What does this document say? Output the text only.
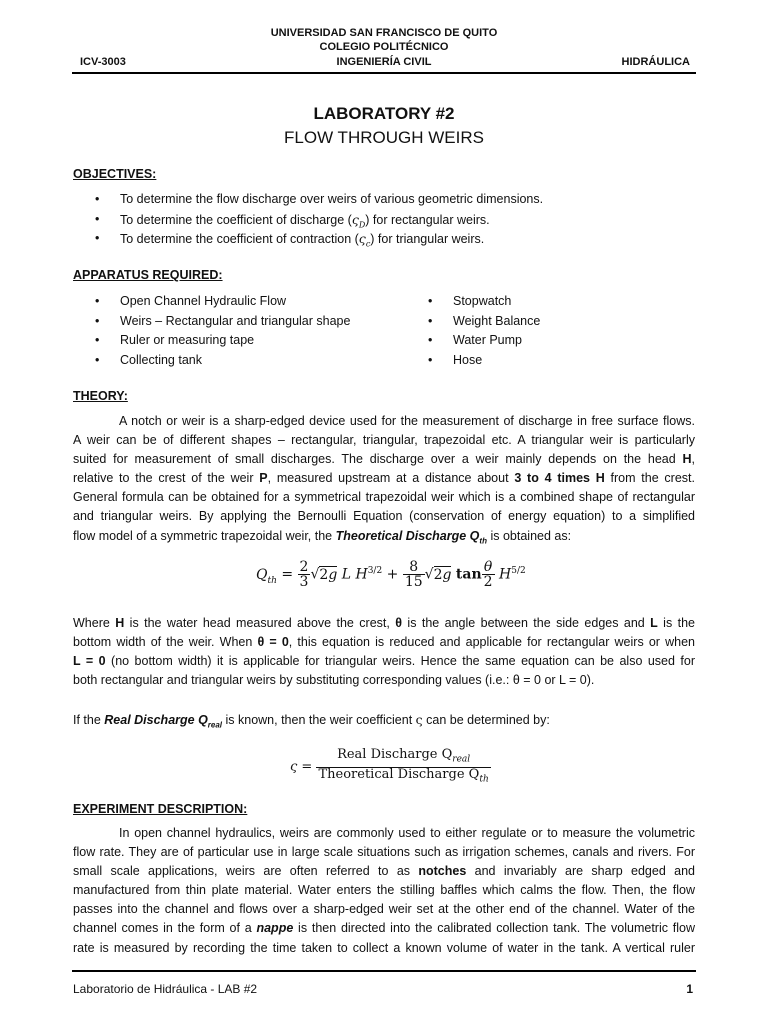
UNIVERSIDAD SAN FRANCISCO DE QUITO
COLEGIO POLITÉCNICO
INGENIERÍA CIVIL
ICV-3003	HIDRÁULICA
LABORATORY #2
FLOW THROUGH WEIRS
OBJECTIVES:
• To determine the flow discharge over weirs of various geometric dimensions.
• To determine the coefficient of discharge $(\varsigma_D)$ for rectangular weirs.
• To determine the coefficient of contraction $(\varsigma_c)$ for triangular weirs.
APPARATUS REQUIRED:
• Open Channel Hydraulic Flow
• Weirs – Rectangular and triangular shape
• Ruler or measuring tape
• Collecting tank
• Stopwatch
• Weight Balance
• Water Pump
• Hose
THEORY:
A notch or weir is a sharp-edged device used for the measurement of discharge in free surface flows.
A weir can be of different shapes – rectangular, triangular, trapezoidal etc. A triangular weir is particularly
suited for measurement of small discharges. The discharge over a weir mainly depends on the head H,
relative to the crest of the weir P, measured upstream at a distance about 3 to 4 times H from the crest.
General formula can be obtained for a symmetrical trapezoidal weir which is a combined shape of rectangular
and triangular weirs. By applying the Bernoulli Equation (conservation of energy equation) to a simplified
flow model of a symmetric trapezoidal weir, the Theoretical Discharge $Q_{th}$ is obtained as:
$Q_{th} = \frac{2}{3} √2g$ L $H^{3/2} + \frac{8}{15} √2g$ $\tan \frac{\theta}{2} H^{5/2}$
Where H is the water head measured above the crest, θ is the angle between the side edges and L is the
bottom width of the weir. When θ = 0, this equation is reduced and applicable for rectangular weirs or when
L = 0 (no bottom width) it is applicable for triangular weirs. Hence the same equation can be also used for
both rectangular and triangular weirs by substituting corresponding values (i.e.: θ = 0 or L = 0).
If the Real Discharge $Q_{real}$ is known, then the weir coefficient ς can be determined by:
$\varsigma = \frac{Real Discharge Q_{real}}{Theoretical Discharge Q_{th}}$
EXPERIMENT DESCRIPTION:
In open channel hydraulics, weirs are commonly used to either regulate or to measure the volumetric
flow rate. They are of particular use in large scale situations such as irrigation schemes, canals and rivers. For
small scale applications, weirs are often referred to as notches and invariably are sharp edged and
manufactured from thin plate material. Water enters the stilling baffles which calms the flow. Then, the flow
passes into the channel and flows over a sharp-edged weir set at the other end of the channel. Water of the
channel comes in the form of a nappe is then directed into the calibrated collection tank. The volumetric flow
rate is measured by recording the time taken to collect a known volume of water in the tank. A vertical ruler
Laboratorio de Hidráulica - LAB #2	1
